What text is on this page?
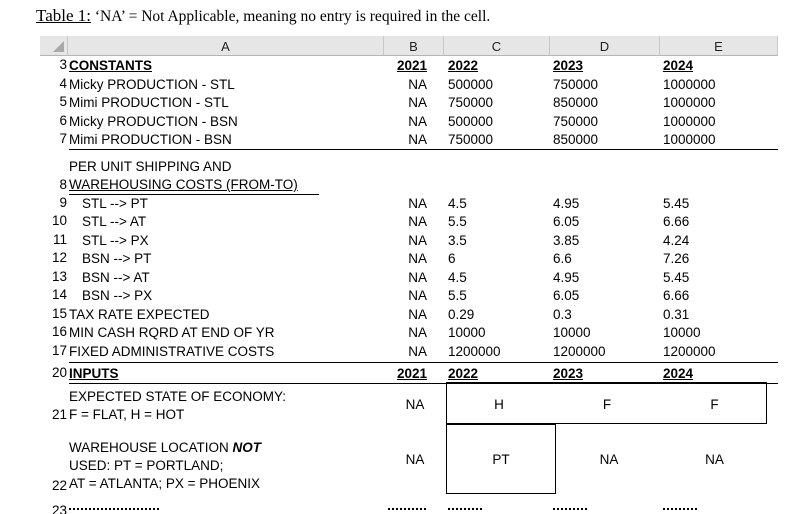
Table 1: ‘NA’ = Not Applicable, meaning no entry is required in the cell.
A	B	C	D	E
3 CONSTANTS	2021 2022	2023	2024
4 Micky PRODUCTION - STL	NA 500000	750000	1000000
5 Mimi PRODUCTION - STL	NA 750000	850000	1000000
6 Micky PRODUCTION - BSN	NA 500000	750000	1000000
7 Mimi PRODUCTION - BSN	NA 750000	850000	1000000
PER UNIT SHIPPING AND
WAREHOUSING COSTS (FROM-TO)
8
9	STL --> PT	NA 4.5	4.95	5.45
10	STL --> AT	NA 5.5	6.05	6.66
11	STL --> PX	NA 3.5	3.85	4.24
12	BSN --> PT	NA 6	6.6	7.26
13	BSN --> AT	NA 4.5	4.95	5.45
14	BSN --> PX	NA 5.5	6.05	6.66
15 TAX RATE EXPECTED	NA 0.29	0.3	0.31
16 MIN CASH RQRD AT END OF YR	NA 10000	10000	10000
17 FIXED ADMINISTRATIVE COSTS	NA 1200000	1200000	1200000
20 INPUTS	2021 2022	2023	2024
EXPECTED STATE OF ECONOMY:
F = FLAT, H = HOT
21
NA	H	F	F
WAREHOUSE LOCATION NOT
USED: PT = PORTLAND;
AT = ATLANTA; PX = PHOENIX
22
NA	PT	NA	NA
23
